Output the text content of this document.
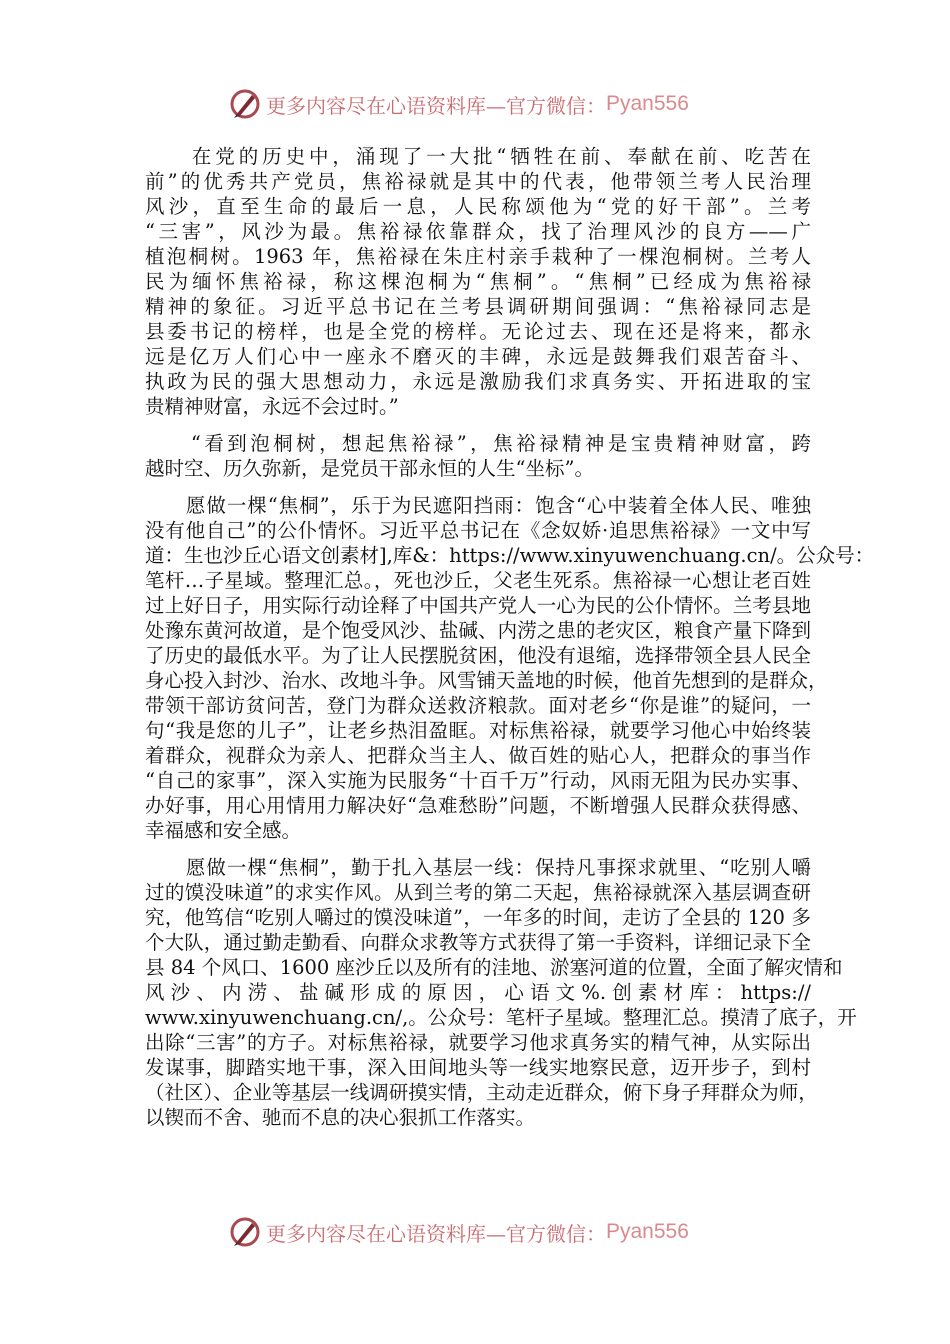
更多内容尽在心语资料库—官方微信： Pyan556
　　在党的历史中，涌现了一大批“牺牲在前、奉献在前、吃苦在
前”的优秀共产党员，焦裕禄就是其中的代表，他带领兰考人民治理
风沙，直至生命的最后一息，人民称颂他为“党的好干部”。兰考
“三害”，风沙为最。焦裕禄依靠群众，找了治理风沙的良方——广
植泡桐树。1963 年，焦裕禄在朱庄村亲手栽种了一棵泡桐树。兰考人
民为缅怀焦裕禄，称这棵泡桐为“焦桐”。“焦桐”已经成为焦裕禄
精神的象征。习近平总书记在兰考县调研期间强调：“焦裕禄同志是
县委书记的榜样，也是全党的榜样。无论过去、现在还是将来，都永
远是亿万人们心中一座永不磨灭的丰碑，永远是鼓舞我们艰苦奋斗、
执政为民的强大思想动力，永远是激励我们求真务实、开拓进取的宝
贵精神财富，永远不会过时。”
　　“看到泡桐树，想起焦裕禄”，焦裕禄精神是宝贵精神财富，跨
越时空、历久弥新，是党员干部永恒的人生“坐标”。
　　愿做一棵“焦桐”，乐于为民遮阳挡雨：饱含“心中装着全体人民、唯独
没有他自己”的公仆情怀。习近平总书记在《念奴娇·追思焦裕禄》一文中写
道：生也沙丘心语文创素材],库&：https://www.xinyuwenchuang.cn/。公众号：
笔杆…子星域。整理汇总。，死也沙丘，父老生死系。焦裕禄一心想让老百姓
过上好日子，用实际行动诠释了中国共产党人一心为民的公仆情怀。兰考县地
处豫东黄河故道，是个饱受风沙、盐碱、内涝之患的老灾区，粮食产量下降到
了历史的最低水平。为了让人民摆脱贫困，他没有退缩，选择带领全县人民全
身心投入封沙、治水、改地斗争。风雪铺天盖地的时候，他首先想到的是群众，
带领干部访贫问苦，登门为群众送救济粮款。面对老乡“你是谁”的疑问，一
句“我是您的儿子”，让老乡热泪盈眶。对标焦裕禄，就要学习他心中始终装
着群众，视群众为亲人、把群众当主人、做百姓的贴心人，把群众的事当作
“自己的家事”，深入实施为民服务“十百千万”行动，风雨无阻为民办实事、
办好事，用心用情用力解决好“急难愁盼”问题，不断增强人民群众获得感、
幸福感和安全感。
　　愿做一棵“焦桐”，勤于扎入基层一线：保持凡事探求就里、“吃别人嚼
过的馍没味道”的求实作风。从到兰考的第二天起，焦裕禄就深入基层调查研
究，他笃信“吃别人嚼过的馍没味道”，一年多的时间，走访了全县的 120 多
个大队，通过勤走勤看、向群众求教等方式获得了第一手资料，详细记录下全
县 84 个风口、1600 座沙丘以及所有的洼地、淤塞河道的位置，全面了解灾情和
风沙、内涝、盐碱形成的原因，心语文%.创素材库：https://
www.xinyuwenchuang.cn/,。公众号：笔杆子星域。整理汇总。摸清了底子，开
出除“三害”的方子。对标焦裕禄，就要学习他求真务实的精气神，从实际出
发谋事，脚踏实地干事，深入田间地头等一线实地察民意，迈开步子，到村
（社区）、企业等基层一线调研摸实情，主动走近群众，俯下身子拜群众为师，
以锲而不舍、驰而不息的决心狠抓工作落实。
更多内容尽在心语资料库—官方微信： Pyan556
